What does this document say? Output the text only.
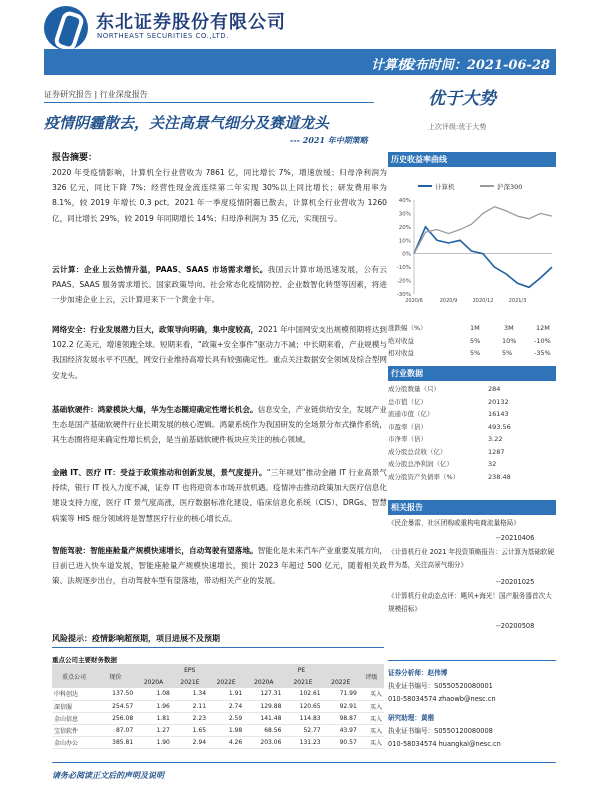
东北证券股份有限公司
NORTHEAST SECURITIES CO.,LTD.
计算机
发布时间：2021-06-28
证券研究报告 | 行业深度报告
疫情阴霾散去，关注高景气细分及赛道龙头
--- 2021 年中期策略
优于大势
上次评级:优于大势
报告摘要：

2020 年受疫情影响，计算机全行业营收为 7861 亿，同比增长 7%，增速放缓；归母净利润为 326 亿元，同比下降 7%；经营性现金流连续第二年实现 30%以上同比增长；研发费用率为 8.1%，较 2019 年增长 0.3 pct。2021 年一季度疫情阴霾已散去，计算机全行业营收为 1260 亿，同比增长 29%，较 2019 年同期增长 14%；归母净利润为 35 亿元，实现扭亏。

云计算：企业上云热情升温，PAAS、SAAS 市场需求增长。我国云计算市场迅速发展，公有云 PAAS、SAAS 服务需求增长。国家政策导向、社会常态化疫情防控、企业数智化转型等因素，将进一步加速企业上云，云计算迎来下一个黄金十年。

网络安全：行业发展潜力巨大，政策导向明确，集中度较高，2021 年中国网安支出规模预期将达到 102.2 亿美元，增速领跑全球。短期来看，“政策+安全事件”驱动力不减；中长期来看，产业规模与我国经济发展水平不匹配，网安行业维持高增长具有较强确定性。重点关注数据安全领域及综合型网安龙头。

基础软硬件：鸿蒙模块大爆，华为生态圈迎确定性增长机会。信息安全，产业链供给安全，发展产业生态是国产基础软硬件行业长期发展的核心逻辑。鸿蒙系统作为我国研发的全场景分布式操作系统，其生态圈将迎来确定性增长机会，是当前基础软硬件板块应关注的核心领域。

金融 IT、医疗 IT：受益于政策推动和创新发展，景气度提升。“三年规划”推动金融 IT 行业高景气持续，银行 IT 投入力度不减，证券 IT 也将迎资本市场开放机遇。疫情冲击推动政策加大医疗信息化建设支持力度，医疗 IT 景气度高涨，医疗数据标准化建设、临床信息化系统（CIS）、DRGs、智慧病案等 HIS 细分领域将是智慧医疗行业的核心增长点。

智能驾驶：智能座舱量产规模快速增长，自动驾驶有望落地。智能化是未来汽车产业重要发展方向，目前已进入快车道发展，智能座舱量产规模快速增长，预计 2023 年超过 500 亿元，随着相关政策、法规逐步出台，自动驾驶车型有望落地，带动相关产业的发展。

风险提示：疫情影响超预期，项目进展不及预期
重点公司主要财务数据
重点公司	现价	EPS			PE			评级
		2020A	2021E	2022E	2020A	2021E	2022E	
中科创达	137.50	1.08	1.34	1.91	127.31	102.61	71.99	买入
深信服	254.57	1.96	2.11	2.74	129.88	120.65	92.91	买入
金山信息	256.08	1.81	2.23	2.59	141.48	114.83	98.87	买入
宝信软件	87.07	1.27	1.65	1.98	68.56	52.77	43.97	买入
金山办公	385.81	1.90	2.94	4.26	203.06	131.23	90.57	买入
历史收益率曲线
计算机	沪深300
40%
30%
20%
10%
0%
-10%
-20%
-30%
2020/6	2020/9	2020/12	2021/3
涨跌幅（%）	1M	3M	12M
绝对收益	5%	10%	-10%
相对收益	5%	5%	-35%
行业数据
成分股数量（只）	284
总市值（亿）	20132
流通市值（亿）	16143
市盈率（倍）	493.56
市净率（倍）	3.22
成分股总营收（亿）	1287
成分股总净利润（亿）	32
成分股资产负债率（%）	238.48
相关报告
《民企暴雷，社区团购或重构电商流量格局》
--20210406
《计算机行业 2021 年投资策略报告：云计算为基础软硬件为基，关注高景气细分》
--20201025
《计算机行业动态点评：飓风+海光！国产服务器首次大规模招标》
--20200508
证券分析师：赵伟博
执业证书编号：S0550520080001
010-58034574 zhaowb@nesc.cn
研究助理：黄楷
执业证书编号：S0550120080008
010-58034574 huangkai@nesc.cn
请务必阅读正文后的声明及说明
